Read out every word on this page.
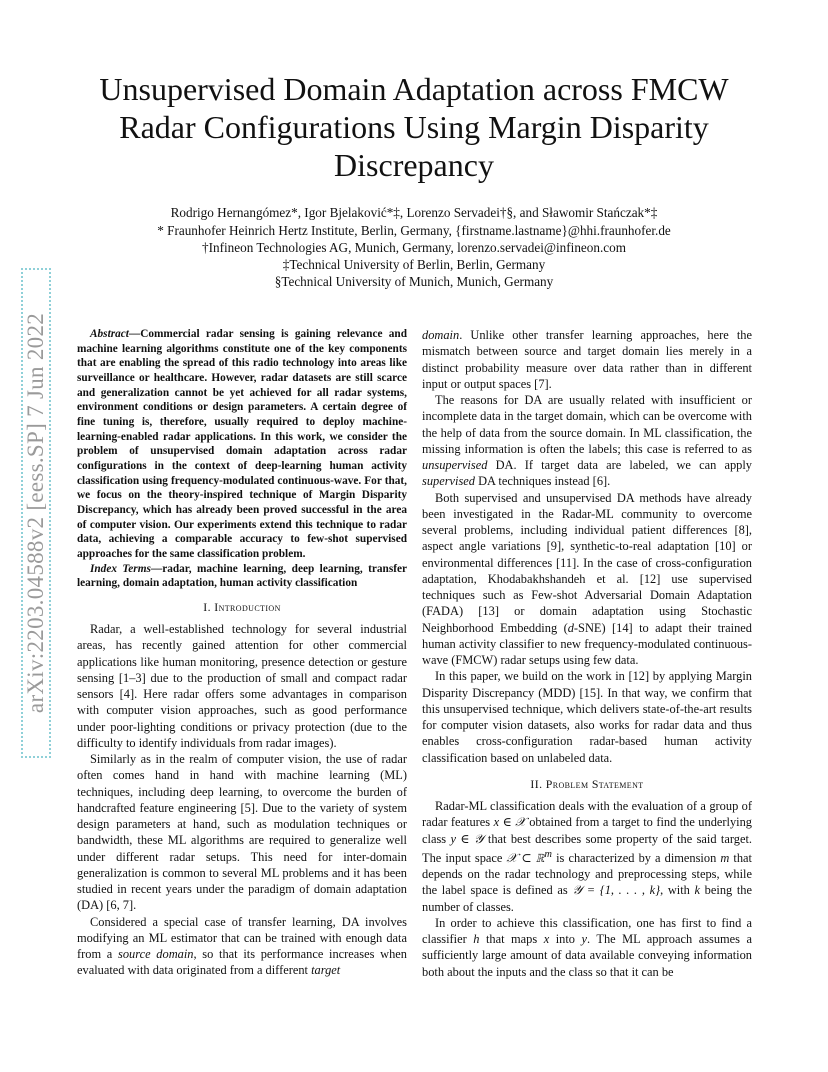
arXiv:2203.04588v2 [eess.SP] 7 Jun 2022
Unsupervised Domain Adaptation across FMCW Radar Configurations Using Margin Disparity Discrepancy
Rodrigo Hernangómez*, Igor Bjelaković*‡, Lorenzo Servadei†§, and Sławomir Stańczak*‡
* Fraunhofer Heinrich Hertz Institute, Berlin, Germany, {firstname.lastname}@hhi.fraunhofer.de
†Infineon Technologies AG, Munich, Germany, lorenzo.servadei@infineon.com
‡Technical University of Berlin, Berlin, Germany
§Technical University of Munich, Munich, Germany

Abstract—Commercial radar sensing is gaining relevance and machine learning algorithms constitute one of the key components that are enabling the spread of this radio technology into areas like surveillance or healthcare. However, radar datasets are still scarce and generalization cannot be yet achieved for all radar systems, environment conditions or design parameters. A certain degree of fine tuning is, therefore, usually required to deploy machine-learning-enabled radar applications. In this work, we consider the problem of unsupervised domain adaptation across radar configurations in the context of deep-learning human activity classification using frequency-modulated continuous-wave. For that, we focus on the theory-inspired technique of Margin Disparity Discrepancy, which has already been proved successful in the area of computer vision. Our experiments extend this technique to radar data, achieving a comparable accuracy to few-shot supervised approaches for the same classification problem.

Index Terms—radar, machine learning, deep learning, transfer learning, domain adaptation, human activity classification

I. Introduction

Radar, a well-established technology for several industrial areas, has recently gained attention for other commercial applications like human monitoring, presence detection or gesture sensing [1–3] due to the production of small and compact radar sensors [4]. Here radar offers some advantages in comparison with computer vision approaches, such as good performance under poor-lighting conditions or privacy protection (due to the difficulty to identify individuals from radar images).

Similarly as in the realm of computer vision, the use of radar often comes hand in hand with machine learning (ML) techniques, including deep learning, to overcome the burden of handcrafted feature engineering [5]. Due to the variety of system design parameters at hand, such as modulation techniques or bandwidth, these ML algorithms are required to generalize well under different radar setups. This need for inter-domain generalization is common to several ML problems and it has been studied in recent years under the paradigm of domain adaptation (DA) [6, 7].

Considered a special case of transfer learning, DA involves modifying an ML estimator that can be trained with enough data from a source domain, so that its performance increases when evaluated with data originated from a different target

domain. Unlike other transfer learning approaches, here the mismatch between source and target domain lies merely in a distinct probability measure over data rather than in different input or output spaces [7].

The reasons for DA are usually related with insufficient or incomplete data in the target domain, which can be overcome with the help of data from the source domain. In ML classification, the missing information is often the labels; this case is referred to as unsupervised DA. If target data are labeled, we can apply supervised DA techniques instead [6].

Both supervised and unsupervised DA methods have already been investigated in the Radar-ML community to overcome several problems, including individual patient differences [8], aspect angle variations [9], synthetic-to-real adaptation [10] or environmental differences [11]. In the case of cross-configuration adaptation, Khodabakhshandeh et al. [12] use supervised techniques such as Few-shot Adversarial Domain Adaptation (FADA) [13] or domain adaptation using Stochastic Neighborhood Embedding (d-SNE) [14] to adapt their trained human activity classifier to new frequency-modulated continuous-wave (FMCW) radar setups using few data.

In this paper, we build on the work in [12] by applying Margin Disparity Discrepancy (MDD) [15]. In that way, we confirm that this unsupervised technique, which delivers state-of-the-art results for computer vision datasets, also works for radar data and thus enables cross-configuration radar-based human activity classification based on unlabeled data.

II. Problem Statement

Radar-ML classification deals with the evaluation of a group of radar features x ∈ 𝒳 obtained from a target to find the underlying class y ∈ 𝒴 that best describes some property of the said target. The input space 𝒳 ⊂ ℝ$^m$ is characterized by a dimension m that depends on the radar technology and preprocessing steps, while the label space is defined as 𝒴 = {1, . . . , k}, with k being the number of classes.

In order to achieve this classification, one has first to find a classifier h that maps x into y. The ML approach assumes a sufficiently large amount of data available conveying information both about the inputs and the class so that it can be
